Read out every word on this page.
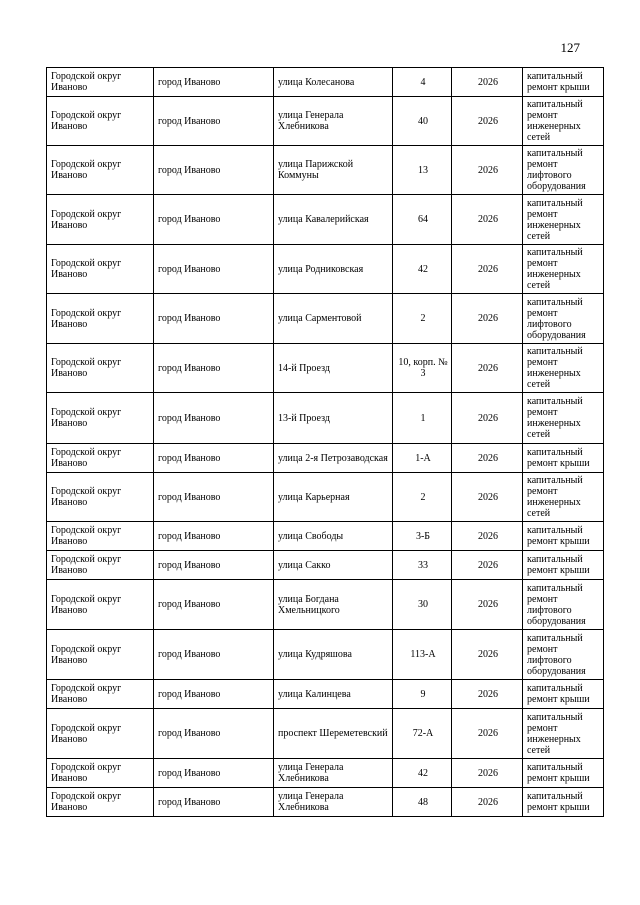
127
Городской округ Иваново	город Иваново	улица Колесанова	4	2026	капитальный ремонт крыши
Городской округ Иваново	город Иваново	улица Генерала Хлебникова	40	2026	капитальный ремонт инженерных сетей
Городской округ Иваново	город Иваново	улица Парижской Коммуны	13	2026	капитальный ремонт лифтового оборудования
Городской округ Иваново	город Иваново	улица Кавалерийская	64	2026	капитальный ремонт инженерных сетей
Городской округ Иваново	город Иваново	улица Родниковская	42	2026	капитальный ремонт инженерных сетей
Городской округ Иваново	город Иваново	улица Сарментовой	2	2026	капитальный ремонт лифтового оборудования
Городской округ Иваново	город Иваново	14-й Проезд	10, корп. № 3	2026	капитальный ремонт инженерных сетей
Городской округ Иваново	город Иваново	13-й Проезд	1	2026	капитальный ремонт инженерных сетей
Городской округ Иваново	город Иваново	улица 2-я Петрозаводская	1-А	2026	капитальный ремонт крыши
Городской округ Иваново	город Иваново	улица Карьерная	2	2026	капитальный ремонт инженерных сетей
Городской округ Иваново	город Иваново	улица Свободы	3-Б	2026	капитальный ремонт крыши
Городской округ Иваново	город Иваново	улица Сакко	33	2026	капитальный ремонт крыши
Городской округ Иваново	город Иваново	улица Богдана Хмельницкого	30	2026	капитальный ремонт лифтового оборудования
Городской округ Иваново	город Иваново	улица Кудряшова	113-А	2026	капитальный ремонт лифтового оборудования
Городской округ Иваново	город Иваново	улица Калинцева	9	2026	капитальный ремонт крыши
Городской округ Иваново	город Иваново	проспект Шереметевский	72-А	2026	капитальный ремонт инженерных сетей
Городской округ Иваново	город Иваново	улица Генерала Хлебникова	42	2026	капитальный ремонт крыши
Городской округ Иваново	город Иваново	улица Генерала Хлебникова	48	2026	капитальный ремонт крыши
